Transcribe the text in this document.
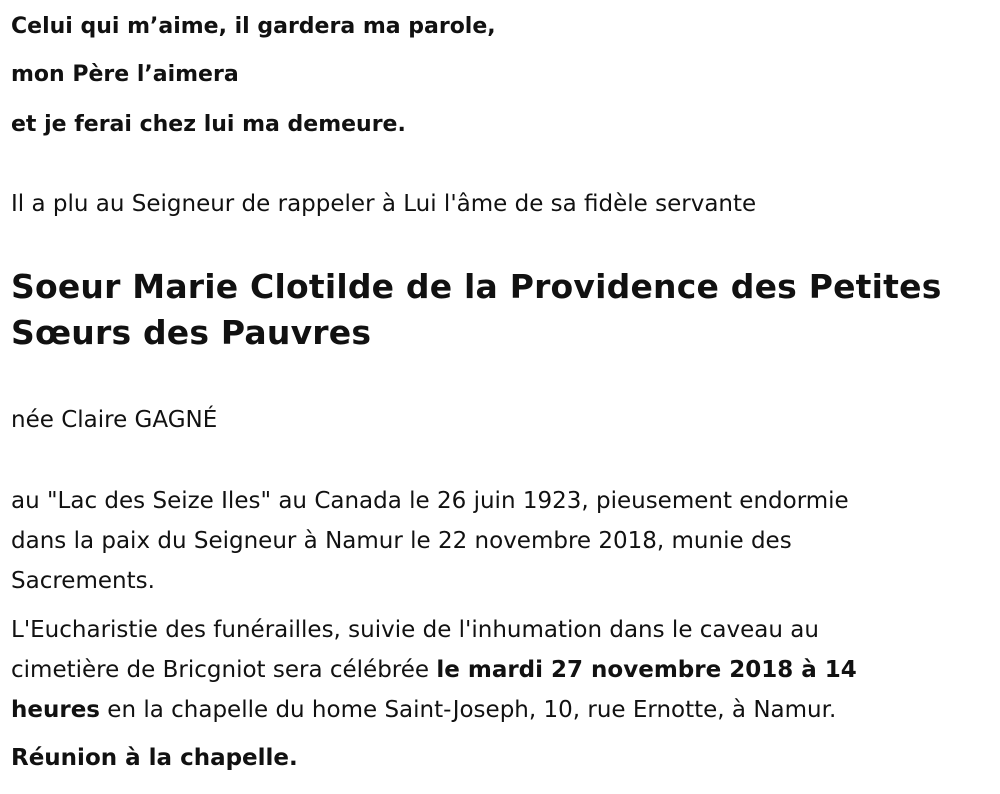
Celui qui m’aime, il gardera ma parole,

mon Père l’aimera

et je ferai chez lui ma demeure.

Il a plu au Seigneur de rappeler à Lui l'âme de sa fidèle servante

Soeur Marie Clotilde de la Providence des Petites
Sœurs des Pauvres

née Claire GAGNÉ

au "Lac des Seize Iles" au Canada le 26 juin 1923, pieusement endormie
dans la paix du Seigneur à Namur le 22 novembre 2018, munie des
Sacrements.

L'Eucharistie des funérailles, suivie de l'inhumation dans le caveau au
cimetière de Bricgniot sera célébrée le mardi 27 novembre 2018 à 14
heures en la chapelle du home Saint-Joseph, 10, rue Ernotte, à Namur.

Réunion à la chapelle.
